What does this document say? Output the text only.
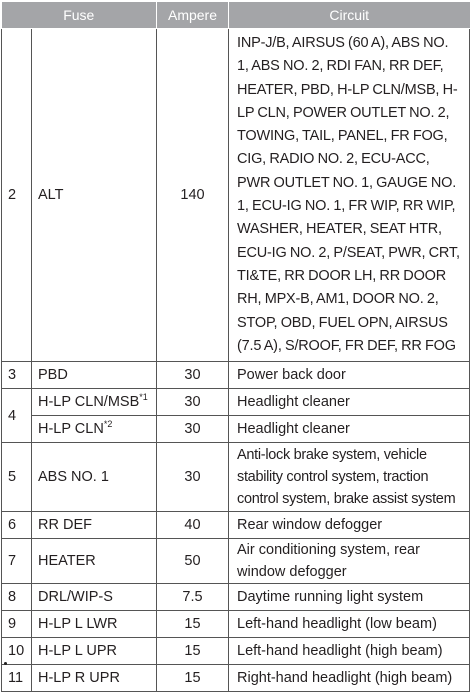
Fuse		Ampere	Circuit
2	ALT	140	INP-J/B, AIRSUS (60 A), ABS NO. 1, ABS NO. 2, RDI FAN, RR DEF, HEATER, PBD, H-LP CLN/MSB, H-LP CLN, POWER OUTLET NO. 2, TOWING, TAIL, PANEL, FR FOG, CIG, RADIO NO. 2, ECU-ACC, PWR OUTLET NO. 1, GAUGE NO. 1, ECU-IG NO. 1, FR WIP, RR WIP, WASHER, HEATER, SEAT HTR, ECU-IG NO. 2, P/SEAT, PWR, CRT, TI&TE, RR DOOR LH, RR DOOR RH, MPX-B, AM1, DOOR NO. 2, STOP, OBD, FUEL OPN, AIRSUS (7.5 A), S/ROOF, FR DEF, RR FOG
3	PBD	30	Power back door
4	H-LP CLN/MSB$^{*1}$	30	Headlight cleaner
	H-LP CLN$^{*2}$	30	Headlight cleaner
5	ABS NO. 1	30	Anti-lock brake system, vehicle stability control system, traction control system, brake assist system
6	RR DEF	40	Rear window defogger
7	HEATER	50	Air conditioning system, rear window defogger
8	DRL/WIP-S	7.5	Daytime running light system
9	H-LP L LWR	15	Left-hand headlight (low beam)
10	H-LP L UPR	15	Left-hand headlight (high beam)
11	H-LP R UPR	15	Right-hand headlight (high beam)
